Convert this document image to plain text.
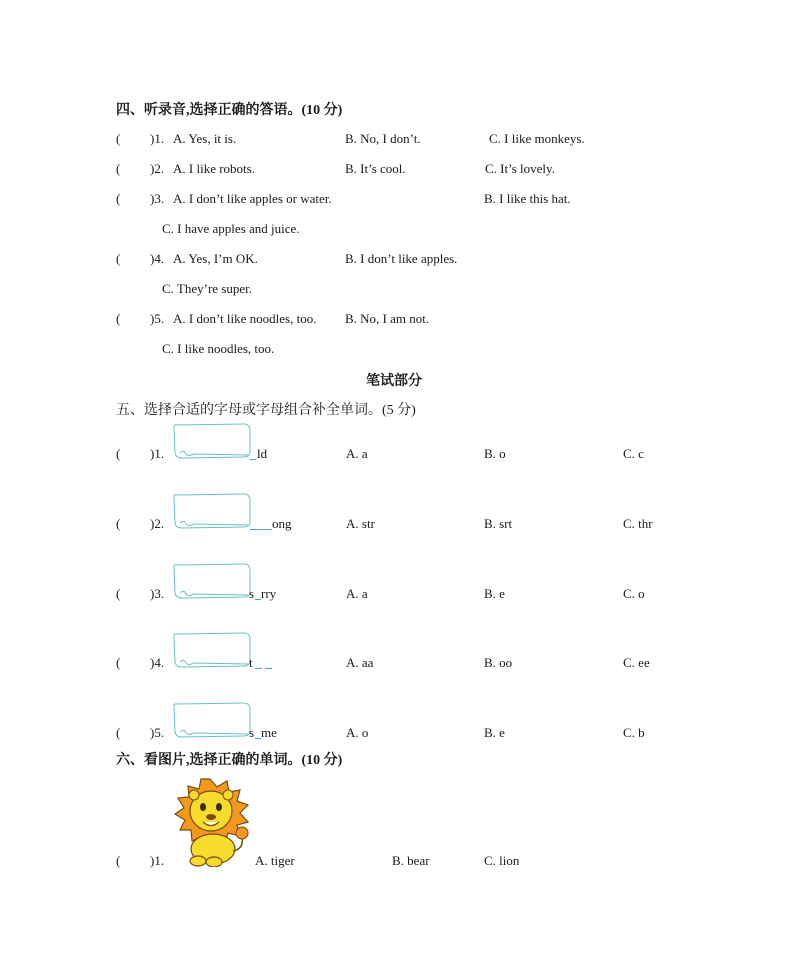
四、听录音,选择正确的答语。(10 分)
( )1. A. Yes, it is.	B. No, I don’t.	C. I like monkeys.
( )2. A. I like robots.	B. It’s cool.	C. It’s lovely.
( )3. A. I don’t like apples or water.	B. I like this hat.
C. I have apples and juice.
( )4. A. Yes, I’m OK.	B. I don’t like apples.
C. They’re super.
( )5. A. I don’t like noodles, too. B. No, I am not.
C. I like noodles, too.
笔试部分
五、选择合适的字母或字母组合补全单词。(5 分)
( )1.	ld	A. a	B. o	C. c
( )2.	ong	A. str	B. srt	C. thr
( )3.	s rry	A. a	B. e	C. o
( )4.	t	A. aa	B. oo	C. ee
( )5.	s me	A. o	B. e	C. b
六、看图片,选择正确的单词。(10 分)
( )1.	A. tiger	B. bear	C. lion
